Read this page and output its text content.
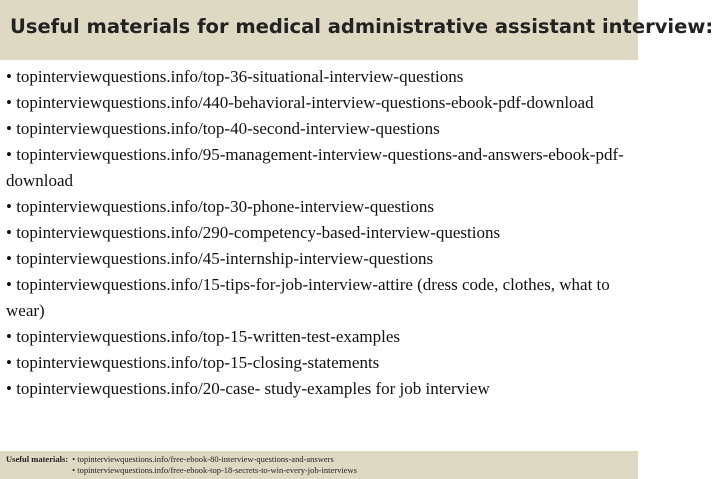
Useful materials for medical administrative assistant interview:
• topinterviewquestions.info/top-36-situational-interview-questions
• topinterviewquestions.info/440-behavioral-interview-questions-ebook-pdf-download
• topinterviewquestions.info/top-40-second-interview-questions
• topinterviewquestions.info/95-management-interview-questions-and-answers-ebook-pdf-download
• topinterviewquestions.info/top-30-phone-interview-questions
• topinterviewquestions.info/290-competency-based-interview-questions
• topinterviewquestions.info/45-internship-interview-questions
• topinterviewquestions.info/15-tips-for-job-interview-attire (dress code, clothes, what to wear)
• topinterviewquestions.info/top-15-written-test-examples
• topinterviewquestions.info/top-15-closing-statements
• topinterviewquestions.info/20-case- study-examples for job interview
Useful materials: • topinterviewquestions.info/free-ebook-80-interview-questions-and-answers
• topinterviewquestions.info/free-ebook-top-18-secrets-to-win-every-job-interviews
